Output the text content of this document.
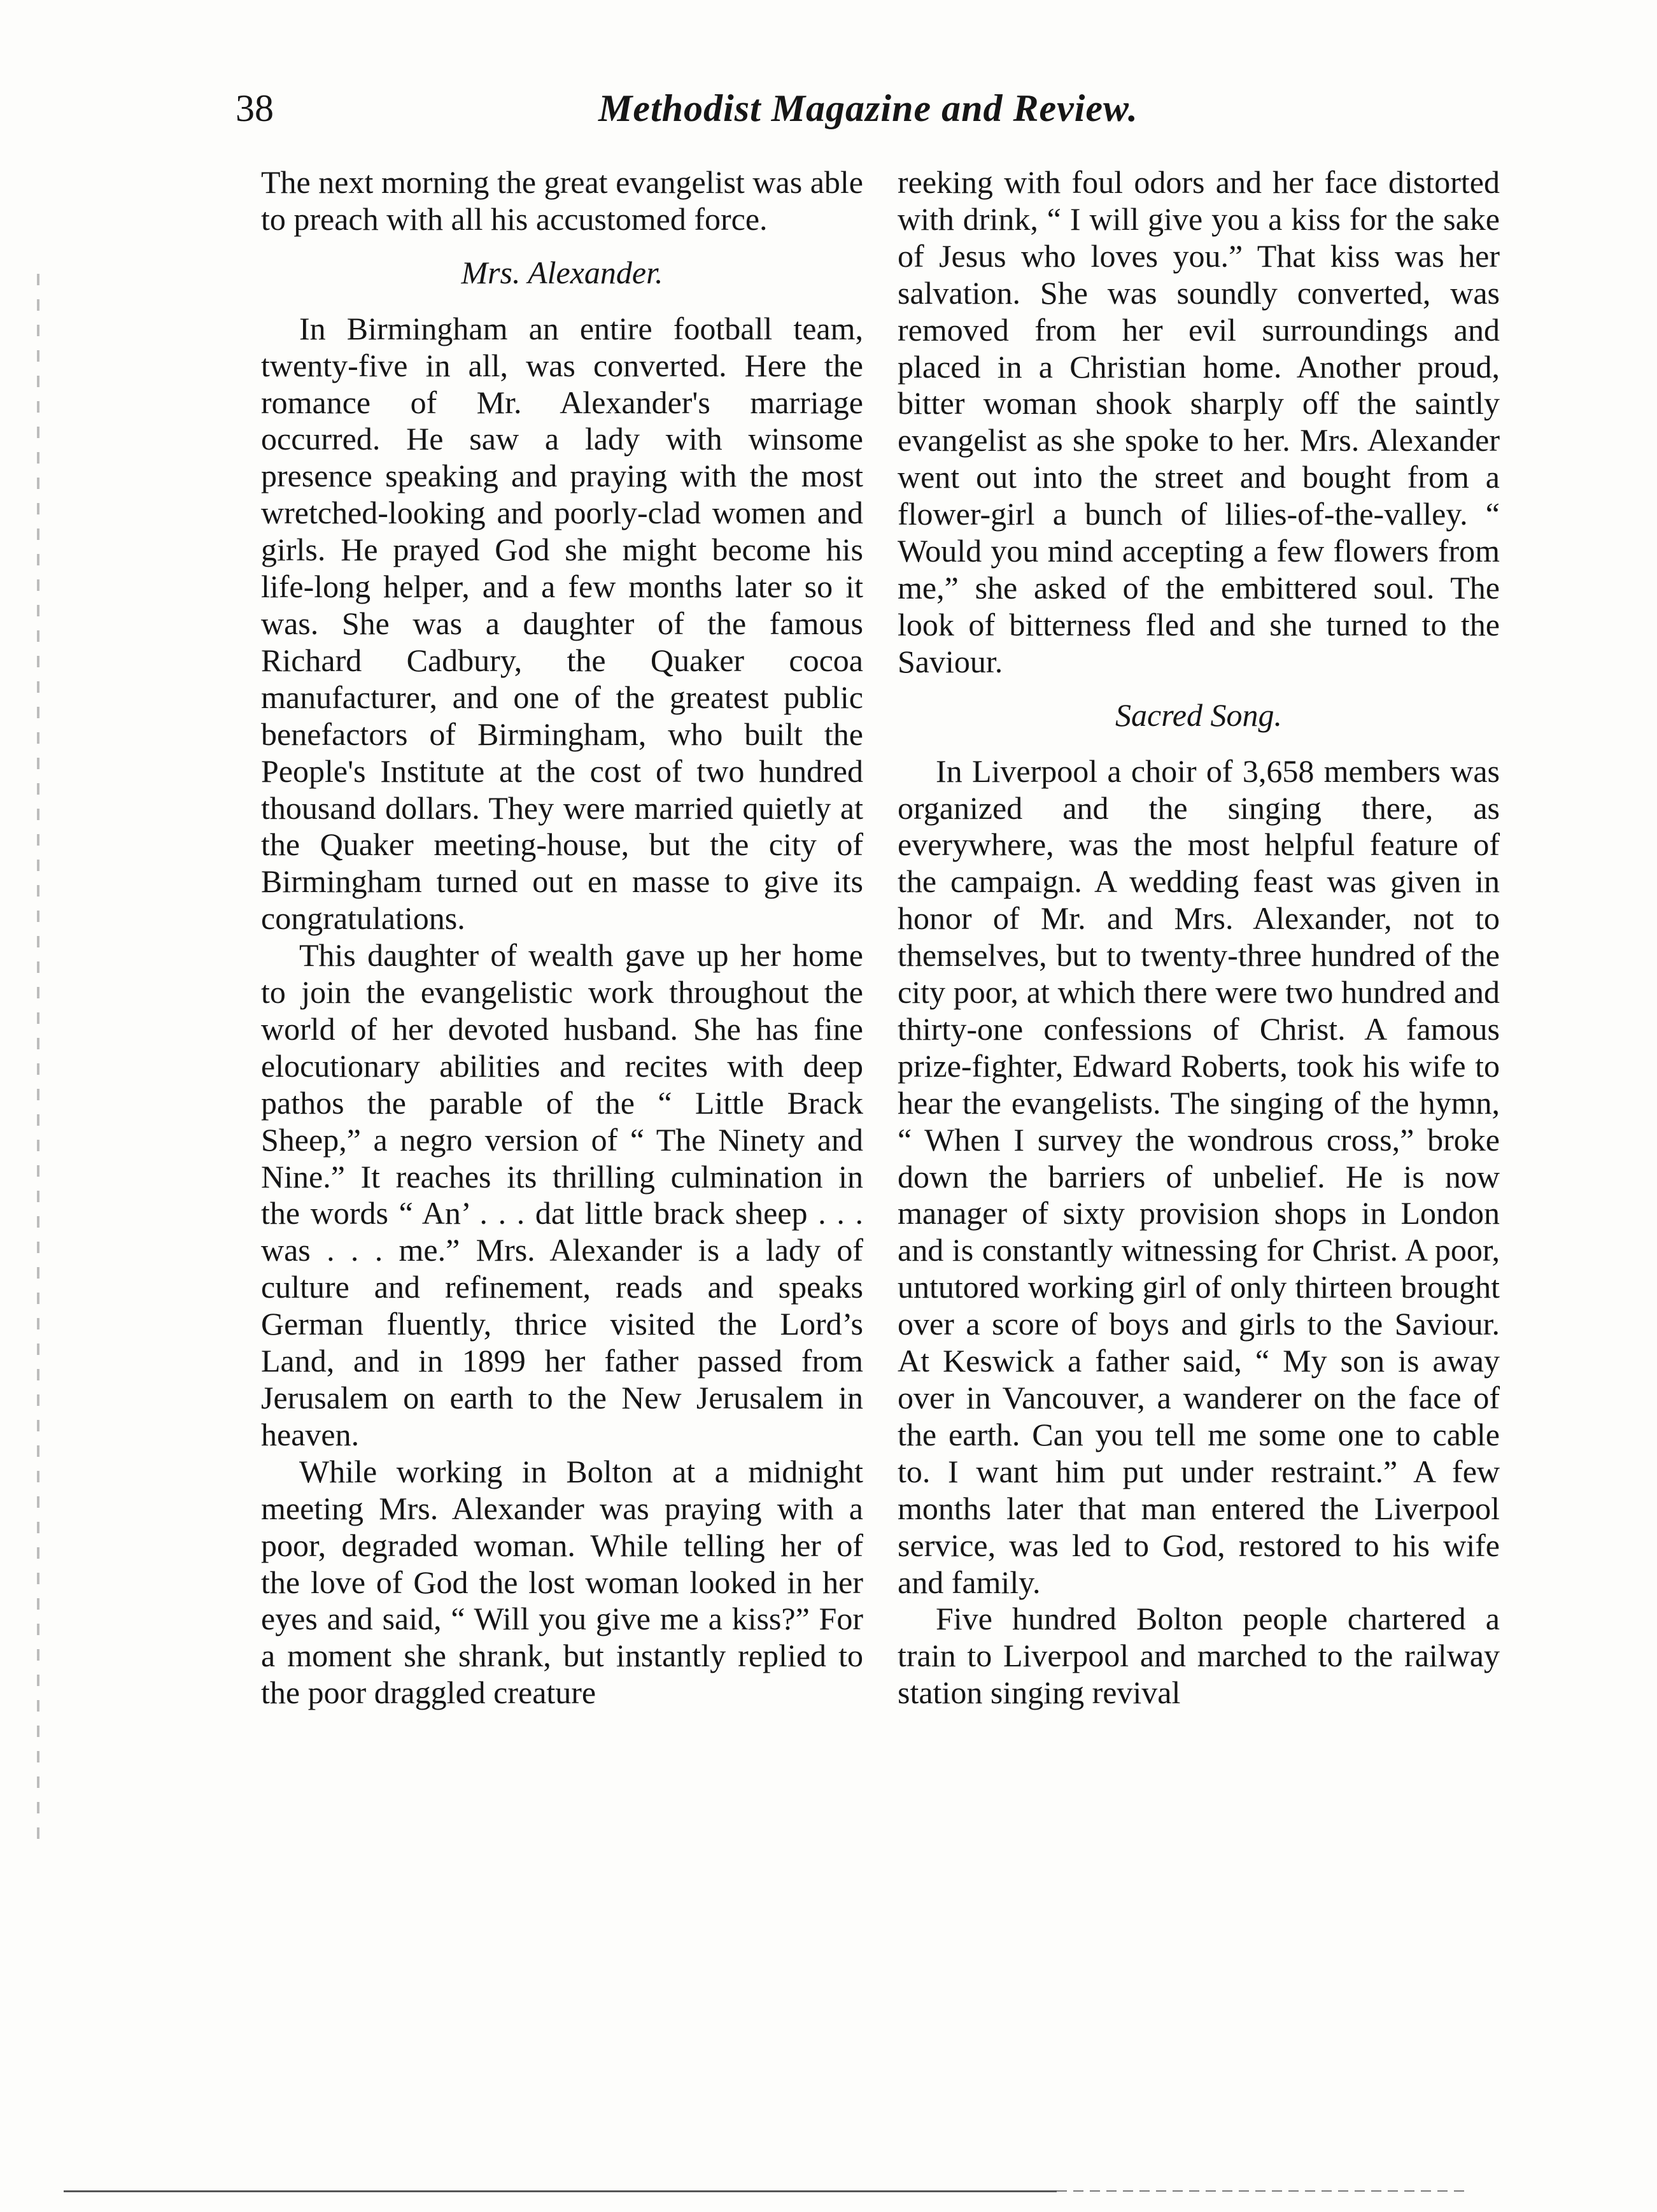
38	Methodist Magazine and Review.

The next morning the great evangelist was able to preach with all his accustomed force.

Mrs. Alexander.

In Birmingham an entire football team, twenty-five in all, was converted. Here the romance of Mr. Alexander's marriage occurred. He saw a lady with winsome presence speaking and praying with the most wretched-looking and poorly-clad women and girls. He prayed God she might become his life-long helper, and a few months later so it was. She was a daughter of the famous Richard Cadbury, the Quaker cocoa manufacturer, and one of the greatest public benefactors of Birmingham, who built the People's Institute at the cost of two hundred thousand dollars. They were married quietly at the Quaker meeting-house, but the city of Birmingham turned out en masse to give its congratulations.

This daughter of wealth gave up her home to join the evangelistic work throughout the world of her devoted husband. She has fine elocutionary abilities and recites with deep pathos the parable of the “ Little Brack Sheep,” a negro version of “ The Ninety and Nine.” It reaches its thrilling culmination in the words “ An’ . . . dat little brack sheep . . . was . . . me.” Mrs. Alexander is a lady of culture and refinement, reads and speaks German fluently, thrice visited the Lord’s Land, and in 1899 her father passed from Jerusalem on earth to the New Jerusalem in heaven.

While working in Bolton at a midnight meeting Mrs. Alexander was praying with a poor, degraded woman. While telling her of the love of God the lost woman looked in her eyes and said, “ Will you give me a kiss?” For a moment she shrank, but instantly replied to the poor draggled creature

reeking with foul odors and her face distorted with drink, “ I will give you a kiss for the sake of Jesus who loves you.” That kiss was her salvation. She was soundly converted, was removed from her evil surroundings and placed in a Christian home. Another proud, bitter woman shook sharply off the saintly evangelist as she spoke to her. Mrs. Alexander went out into the street and bought from a flower-girl a bunch of lilies-of-the-valley. “ Would you mind accepting a few flowers from me,” she asked of the embittered soul. The look of bitterness fled and she turned to the Saviour.

Sacred Song.

In Liverpool a choir of 3,658 members was organized and the singing there, as everywhere, was the most helpful feature of the campaign. A wedding feast was given in honor of Mr. and Mrs. Alexander, not to themselves, but to twenty-three hundred of the city poor, at which there were two hundred and thirty-one confessions of Christ. A famous prize-fighter, Edward Roberts, took his wife to hear the evangelists. The singing of the hymn, “ When I survey the wondrous cross,” broke down the barriers of unbelief. He is now manager of sixty provision shops in London and is constantly witnessing for Christ. A poor, untutored working girl of only thirteen brought over a score of boys and girls to the Saviour. At Keswick a father said, “ My son is away over in Vancouver, a wanderer on the face of the earth. Can you tell me some one to cable to. I want him put under restraint.” A few months later that man entered the Liverpool service, was led to God, restored to his wife and family.

Five hundred Bolton people chartered a train to Liverpool and marched to the railway station singing revival
